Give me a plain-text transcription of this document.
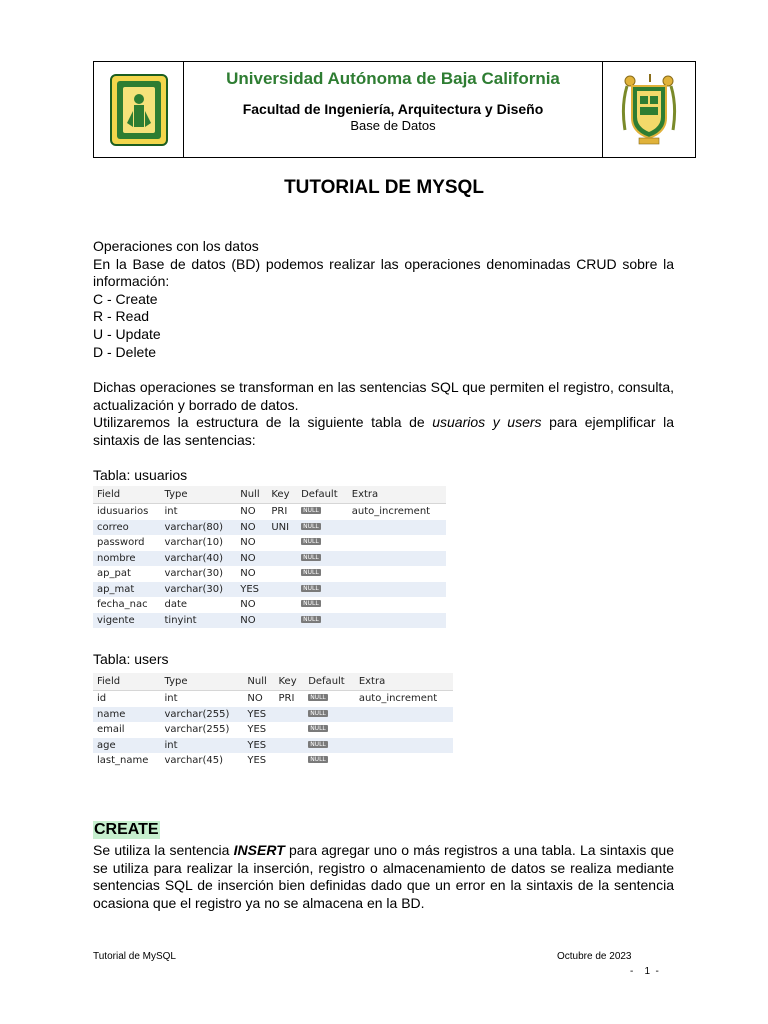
Universidad Autónoma de Baja California
Facultad de Ingeniería, Arquitectura y Diseño
Base de Datos
TUTORIAL DE MYSQL

Operaciones con los datos

En la Base de datos (BD) podemos realizar las operaciones denominadas CRUD sobre la información:

C - Create

R - Read

U - Update

D - Delete

Dichas operaciones se transforman en las sentencias SQL que permiten el registro, consulta, actualización y borrado de datos.

Utilizaremos la estructura de la siguiente tabla de usuarios y users para ejemplificar la sintaxis de las sentencias:

Tabla: usuarios
Field	Type	Null	Key	Default	Extra
idusuarios	int	NO	PRI	NULL	auto_increment
correo	varchar(80)	NO	UNI	NULL	
password	varchar(10)	NO		NULL	
nombre	varchar(40)	NO		NULL	
ap_pat	varchar(30)	NO		NULL	
ap_mat	varchar(30)	YES		NULL	
fecha_nac	date	NO		NULL	
vigente	tinyint	NO		NULL	
Tabla: users
Field	Type	Null	Key	Default	Extra
id	int	NO	PRI	NULL	auto_increment
name	varchar(255)	YES		NULL	
email	varchar(255)	YES		NULL	
age	int	YES		NULL	
last_name	varchar(45)	YES		NULL	
CREATE
Se utiliza la sentencia INSERT para agregar uno o más registros a una tabla. La sintaxis que se utiliza para realizar la inserción, registro o almacenamiento de datos se realiza mediante sentencias SQL de inserción bien definidas dado que un error en la sintaxis de la sentencia ocasiona que el registro ya no se almacena en la BD.
Tutorial de MySQL	Octubre de 2023
-    1  -
